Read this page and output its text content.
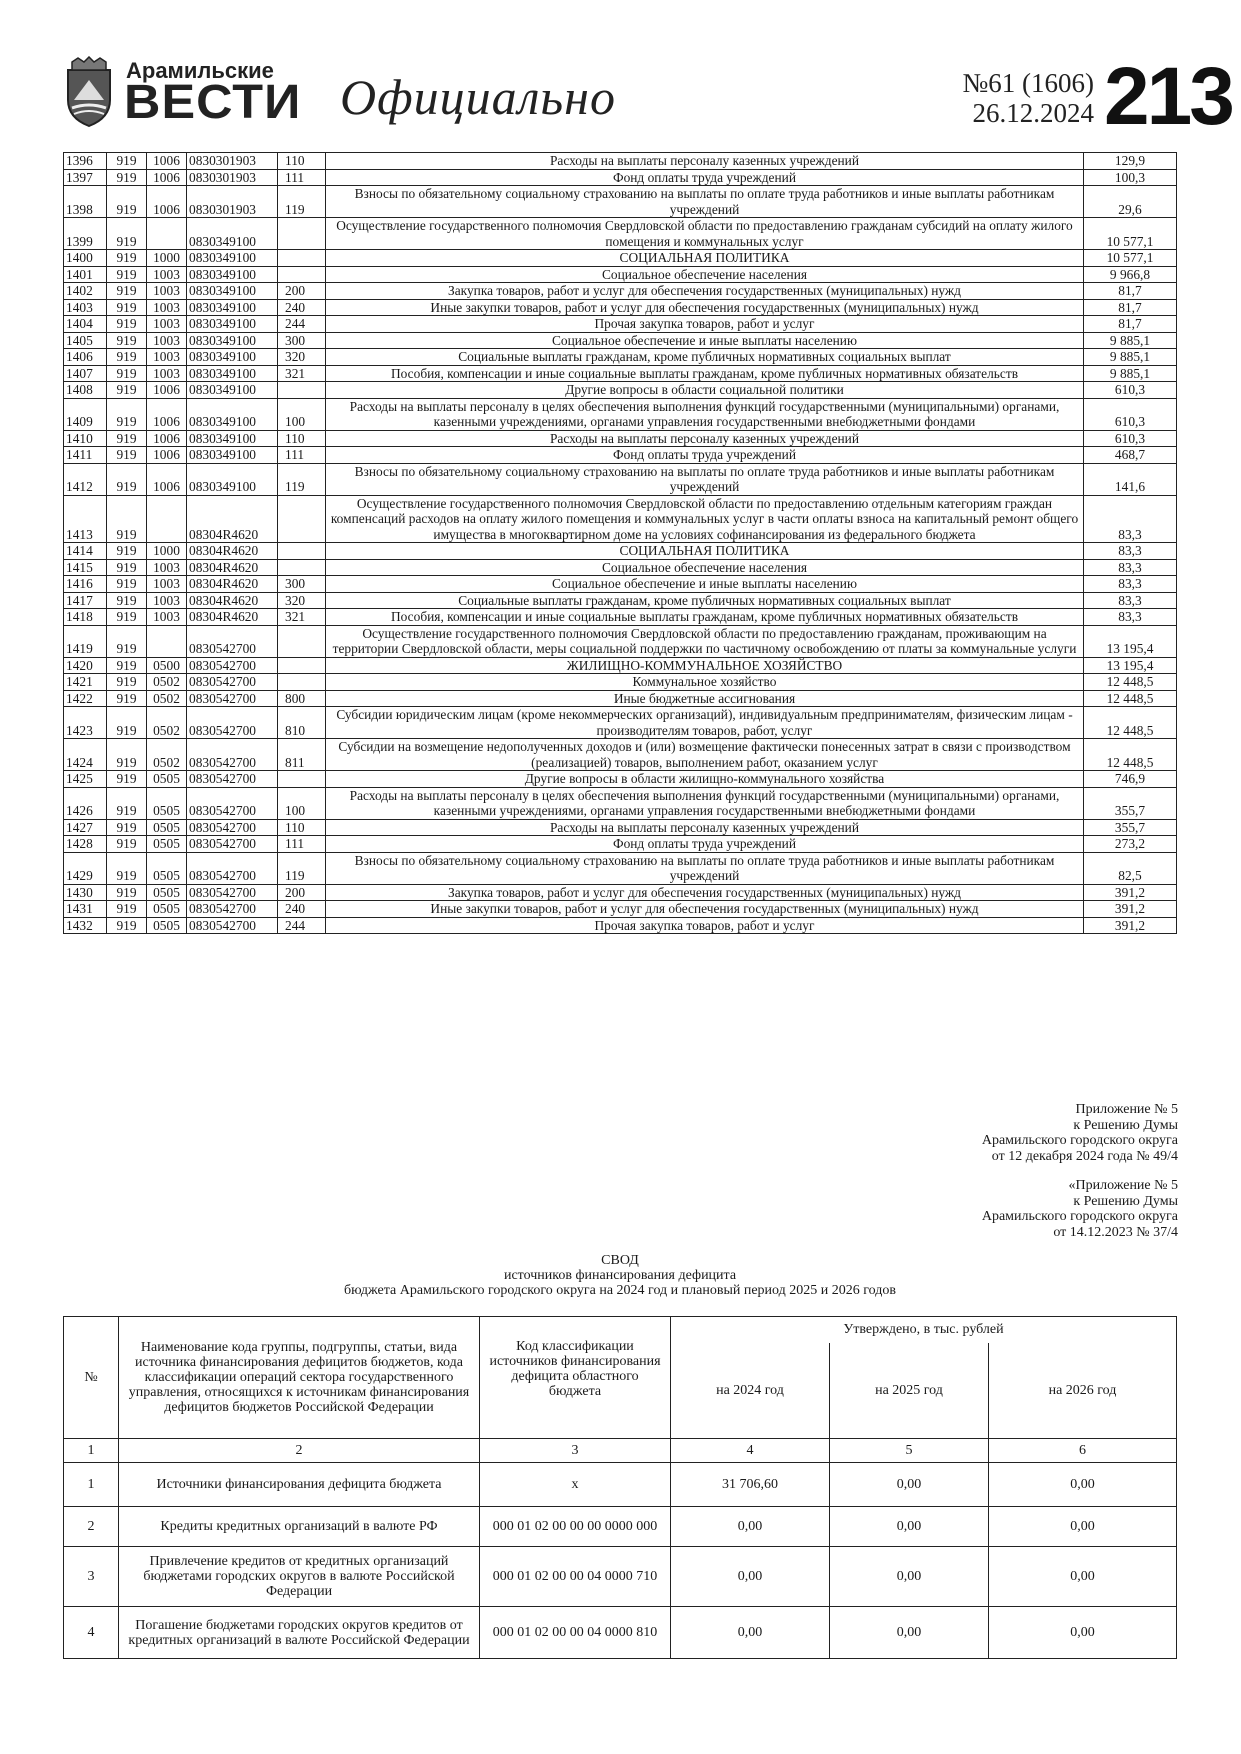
Арамильские
ВЕСТИ Официально	№61 (1606)
26.12.2024 213
1396	919	1006	0830301903	110	Расходы на выплаты персоналу казенных учреждений	129,9
1397	919	1006	0830301903	111	Фонд оплаты труда учреждений	100,3
1398	919	1006	0830301903	119	Взносы по обязательному социальному страхованию на выплаты по оплате труда работников и иные выплаты работникам учреждений	29,6
1399	919		0830349100		Осуществление государственного полномочия Свердловской области по предоставлению гражданам субсидий на оплату жилого помещения и коммунальных услуг	10 577,1
1400	919	1000	0830349100		СОЦИАЛЬНАЯ ПОЛИТИКА	10 577,1
1401	919	1003	0830349100		Социальное обеспечение населения	9 966,8
1402	919	1003	0830349100	200	Закупка товаров, работ и услуг для обеспечения государственных (муниципальных) нужд	81,7
1403	919	1003	0830349100	240	Иные закупки товаров, работ и услуг для обеспечения государственных (муниципальных) нужд	81,7
1404	919	1003	0830349100	244	Прочая закупка товаров, работ и услуг	81,7
1405	919	1003	0830349100	300	Социальное обеспечение и иные выплаты населению	9 885,1
1406	919	1003	0830349100	320	Социальные выплаты гражданам, кроме публичных нормативных социальных выплат	9 885,1
1407	919	1003	0830349100	321	Пособия, компенсации и иные социальные выплаты гражданам, кроме публичных нормативных обязательств	9 885,1
1408	919	1006	0830349100		Другие вопросы в области социальной политики	610,3
1409	919	1006	0830349100	100	Расходы на выплаты персоналу в целях обеспечения выполнения функций государственными (муниципальными) органами, казенными учреждениями, органами управления государственными внебюджетными фондами	610,3
1410	919	1006	0830349100	110	Расходы на выплаты персоналу казенных учреждений	610,3
1411	919	1006	0830349100	111	Фонд оплаты труда учреждений	468,7
1412	919	1006	0830349100	119	Взносы по обязательному социальному страхованию на выплаты по оплате труда работников и иные выплаты работникам учреждений	141,6
1413	919		08304R4620		Осуществление государственного полномочия Свердловской области по предоставлению отдельным категориям граждан компенсаций расходов на оплату жилого помещения и коммунальных услуг в части оплаты взноса на капитальный ремонт общего имущества в многоквартирном доме на условиях софинансирования из федерального бюджета	83,3
1414	919	1000	08304R4620		СОЦИАЛЬНАЯ ПОЛИТИКА	83,3
1415	919	1003	08304R4620		Социальное обеспечение населения	83,3
1416	919	1003	08304R4620	300	Социальное обеспечение и иные выплаты населению	83,3
1417	919	1003	08304R4620	320	Социальные выплаты гражданам, кроме публичных нормативных социальных выплат	83,3
1418	919	1003	08304R4620	321	Пособия, компенсации и иные социальные выплаты гражданам, кроме публичных нормативных обязательств	83,3
1419	919		0830542700		Осуществление государственного полномочия Свердловской области по предоставлению гражданам, проживающим на территории Свердловской области, меры социальной поддержки по частичному освобождению от платы за коммунальные услуги	13 195,4
1420	919	0500	0830542700		ЖИЛИЩНО-КОММУНАЛЬНОЕ ХОЗЯЙСТВО	13 195,4
1421	919	0502	0830542700		Коммунальное хозяйство	12 448,5
1422	919	0502	0830542700	800	Иные бюджетные ассигнования	12 448,5
1423	919	0502	0830542700	810	Субсидии юридическим лицам (кроме некоммерческих организаций), индивидуальным предпринимателям, физическим лицам - производителям товаров, работ, услуг	12 448,5
1424	919	0502	0830542700	811	Субсидии на возмещение недополученных доходов и (или) возмещение фактически понесенных затрат в связи с производством (реализацией) товаров, выполнением работ, оказанием услуг	12 448,5
1425	919	0505	0830542700		Другие вопросы в области жилищно-коммунального хозяйства	746,9
1426	919	0505	0830542700	100	Расходы на выплаты персоналу в целях обеспечения выполнения функций государственными (муниципальными) органами, казенными учреждениями, органами управления государственными внебюджетными фондами	355,7
1427	919	0505	0830542700	110	Расходы на выплаты персоналу казенных учреждений	355,7
1428	919	0505	0830542700	111	Фонд оплаты труда учреждений	273,2
1429	919	0505	0830542700	119	Взносы по обязательному социальному страхованию на выплаты по оплате труда работников и иные выплаты работникам учреждений	82,5
1430	919	0505	0830542700	200	Закупка товаров, работ и услуг для обеспечения государственных (муниципальных) нужд	391,2
1431	919	0505	0830542700	240	Иные закупки товаров, работ и услуг для обеспечения государственных (муниципальных) нужд	391,2
1432	919	0505	0830542700	244	Прочая закупка товаров, работ и услуг	391,2
Приложение № 5
к Решению Думы
Арамильского городского округа
от 12 декабря 2024 года № 49/4
«Приложение № 5
к Решению Думы
Арамильского городского округа
от 14.12.2023 № 37/4
СВОД
источников финансирования дефицита
бюджета Арамильского городского округа на 2024 год и плановый период 2025 и 2026 годов
№	Наименование кода группы, подгруппы, статьи, вида источника финансирования дефицитов бюджетов, кода классификации операций сектора государственного управления, относящихся к источникам финансирования дефицитов бюджетов Российской Федерации	Код классификации источников финансирования дефицита областного бюджета	Утверждено, в тыс. рублей		
			на 2024 год	на 2025 год	на 2026 год
1	2	3	4	5	6
1	Источники финансирования дефицита бюджета	x	31 706,60	0,00	0,00
2	Кредиты кредитных организаций в валюте РФ	000 01 02 00 00 00 0000 000	0,00	0,00	0,00
3	Привлечение кредитов от кредитных организаций бюджетами городских округов в валюте Российской Федерации	000 01 02 00 00 04 0000 710	0,00	0,00	0,00
4	Погашение бюджетами городских округов кредитов от кредитных организаций в валюте Российской Федерации	000 01 02 00 00 04 0000 810	0,00	0,00	0,00
